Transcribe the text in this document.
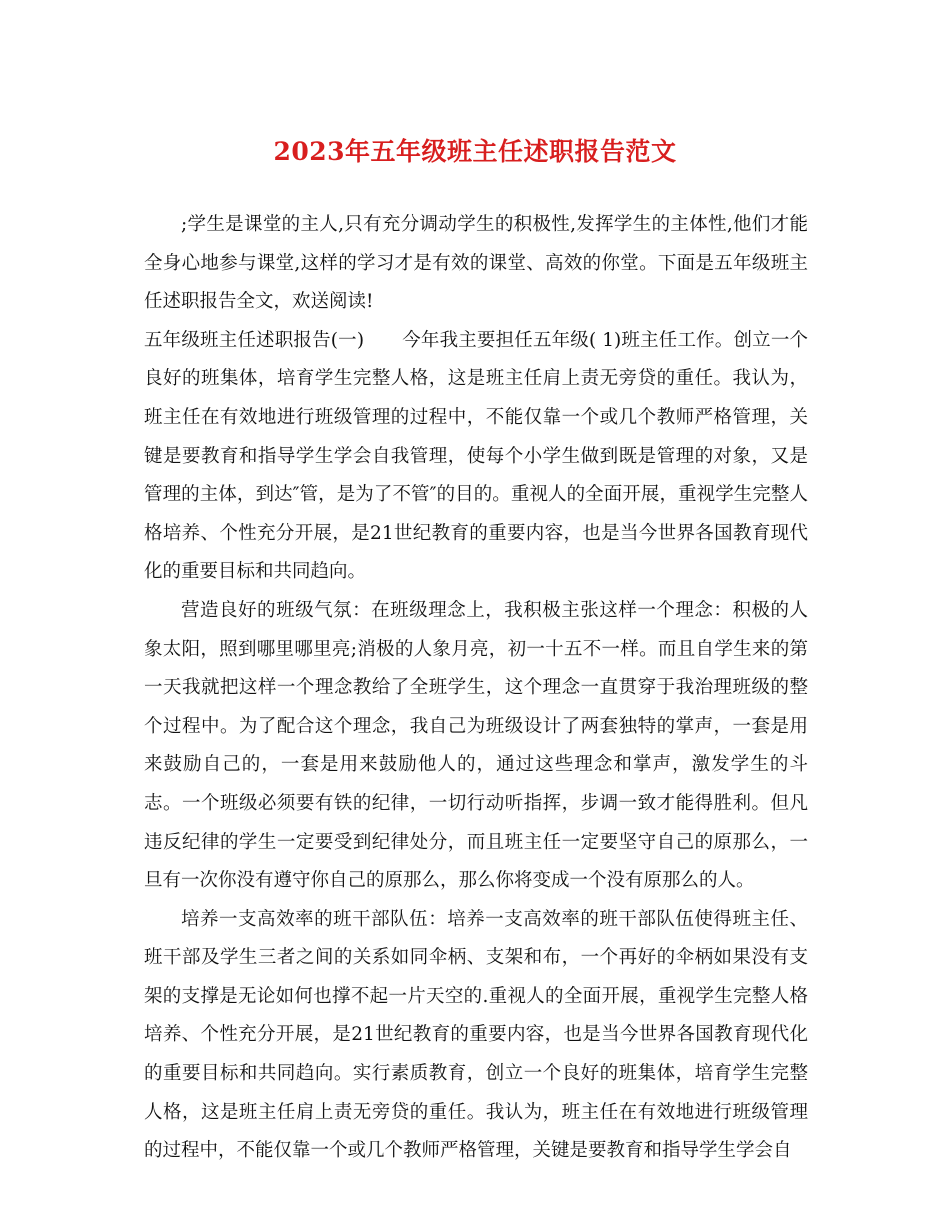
2023年五年级班主任述职报告范文

;学生是课堂的主人,只有充分调动学生的积极性,发挥学生的主体性,他们才能全身心地参与课堂,这样的学习才是有效的课堂、高效的你堂。下面是五年级班主任述职报告全文，欢送阅读!

五年级班主任述职报告(一) 今年我主要担任五年级( 1)班主任工作。创立一个良好的班集体，培育学生完整人格，这是班主任肩上责无旁贷的重任。我认为，班主任在有效地进行班级管理的过程中，不能仅靠一个或几个教师严格管理，关键是要教育和指导学生学会自我管理，使每个小学生做到既是管理的对象，又是管理的主体，到达″管，是为了不管″的目的。重视人的全面开展，重视学生完整人格培养、个性充分开展，是21世纪教育的重要内容，也是当今世界各国教育现代化的重要目标和共同趋向。

营造良好的班级气氛：在班级理念上，我积极主张这样一个理念：积极的人象太阳，照到哪里哪里亮;消极的人象月亮，初一十五不一样。而且自学生来的第一天我就把这样一个理念教给了全班学生，这个理念一直贯穿于我治理班级的整个过程中。为了配合这个理念，我自己为班级设计了两套独特的掌声，一套是用来鼓励自己的，一套是用来鼓励他人的，通过这些理念和掌声，激发学生的斗志。一个班级必须要有铁的纪律，一切行动听指挥，步调一致才能得胜利。但凡违反纪律的学生一定要受到纪律处分，而且班主任一定要坚守自己的原那么，一旦有一次你没有遵守你自己的原那么，那么你将变成一个没有原那么的人。

培养一支高效率的班干部队伍：培养一支高效率的班干部队伍使得班主任、班干部及学生三者之间的关系如同伞柄、支架和布，一个再好的伞柄如果没有支架的支撑是无论如何也撑不起一片天空的.重视人的全面开展，重视学生完整人格培养、个性充分开展，是21世纪教育的重要内容，也是当今世界各国教育现代化的重要目标和共同趋向。实行素质教育，创立一个良好的班集体，培育学生完整人格，这是班主任肩上责无旁贷的重任。我认为，班主任在有效地进行班级管理的过程中，不能仅靠一个或几个教师严格管理，关键是要教育和指导学生学会自
